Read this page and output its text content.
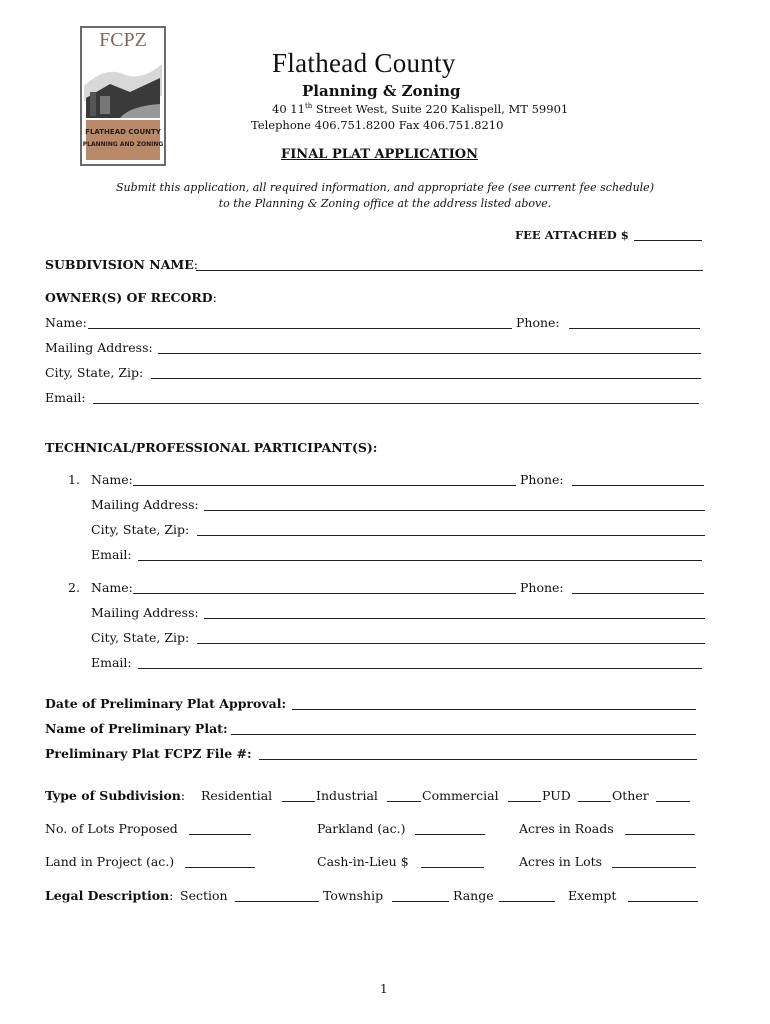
FCPZ
FLATHEAD COUNTY
PLANNING AND ZONING
Flathead County
Planning & Zoning
40 11th Street West, Suite 220 Kalispell, MT 59901
Telephone 406.751.8200 Fax 406.751.8210
FINAL PLAT APPLICATION
Submit this application, all required information, and appropriate fee (see current fee schedule)
to the Planning & Zoning office at the address listed above.
FEE ATTACHED $
SUBDIVISION NAME:
OWNER(S) OF RECORD:
Name:	Phone:
Mailing Address:
City, State, Zip:
Email:
TECHNICAL/PROFESSIONAL PARTICIPANT(S):
1. Name:	Phone:
Mailing Address:
City, State, Zip:
Email:
2. Name:	Phone:
Mailing Address:
City, State, Zip:
Email:
Date of Preliminary Plat Approval:
Name of Preliminary Plat:
Preliminary Plat FCPZ File #:
Type of Subdivision: Residential	Industrial	Commercial	PUD	Other
No. of Lots Proposed	Parkland (ac.)	Acres in Roads
Land in Project (ac.)	Cash-in-Lieu $	Acres in Lots
Legal Description: Section	Township	Range	Exempt
1
